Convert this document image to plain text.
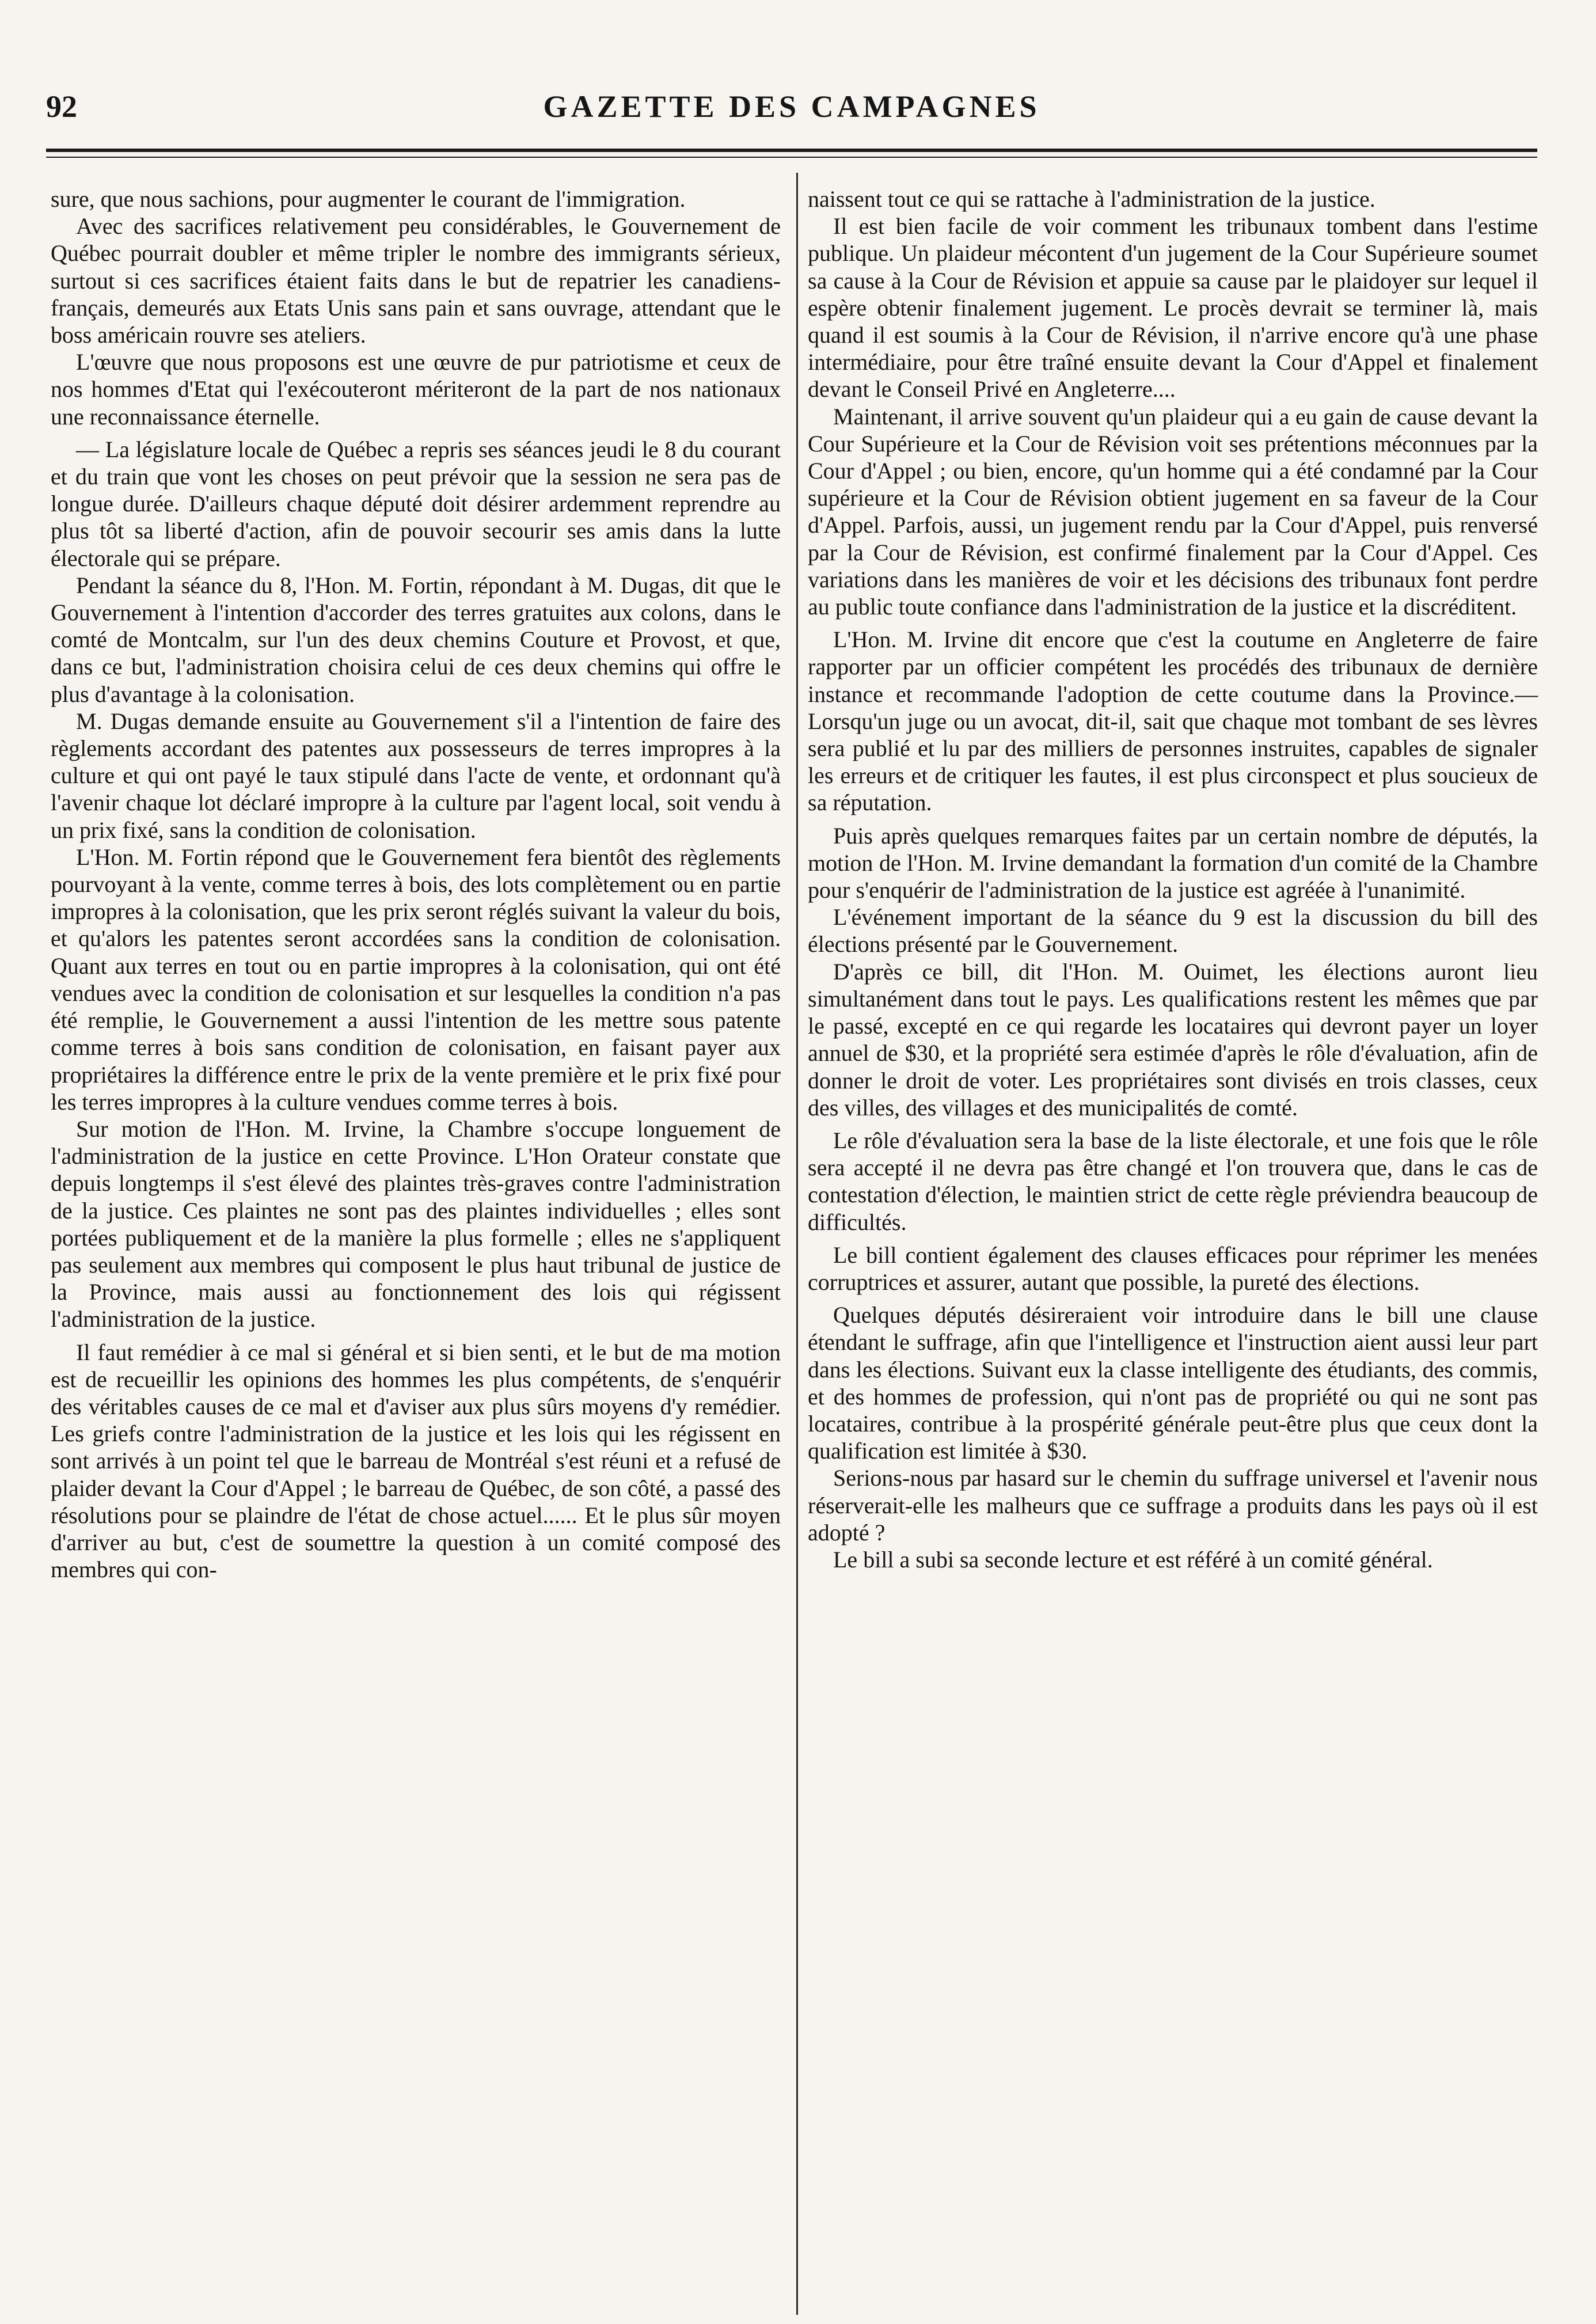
92	GAZETTE DES CAMPAGNES

sure, que nous sachions, pour augmenter le courant de l'immigration.

Avec des sacrifices relativement peu considérables, le Gouvernement de Québec pourrait doubler et même tripler le nombre des immigrants sérieux, surtout si ces sacrifices étaient faits dans le but de repatrier les canadiens-français, demeurés aux Etats Unis sans pain et sans ouvrage, attendant que le boss américain rouvre ses ateliers.

L'œuvre que nous proposons est une œuvre de pur patriotisme et ceux de nos hommes d'Etat qui l'exécouteront mériteront de la part de nos nationaux une reconnaissance éternelle.

— La législature locale de Québec a repris ses séances jeudi le 8 du courant et du train que vont les choses on peut prévoir que la session ne sera pas de longue durée. D'ailleurs chaque député doit désirer ardemment reprendre au plus tôt sa liberté d'action, afin de pouvoir secourir ses amis dans la lutte électorale qui se prépare.

Pendant la séance du 8, l'Hon. M. Fortin, répondant à M. Dugas, dit que le Gouvernement à l'intention d'accorder des terres gratuites aux colons, dans le comté de Montcalm, sur l'un des deux chemins Couture et Provost, et que, dans ce but, l'administration choisira celui de ces deux chemins qui offre le plus d'avantage à la colonisation.

M. Dugas demande ensuite au Gouvernement s'il a l'intention de faire des règlements accordant des patentes aux possesseurs de terres impropres à la culture et qui ont payé le taux stipulé dans l'acte de vente, et ordonnant qu'à l'avenir chaque lot déclaré impropre à la culture par l'agent local, soit vendu à un prix fixé, sans la condition de colonisation.

L'Hon. M. Fortin répond que le Gouvernement fera bientôt des règlements pourvoyant à la vente, comme terres à bois, des lots complètement ou en partie impropres à la colonisation, que les prix seront réglés suivant la valeur du bois, et qu'alors les patentes seront accordées sans la condition de colonisation. Quant aux terres en tout ou en partie impropres à la colonisation, qui ont été vendues avec la condition de colonisation et sur lesquelles la condition n'a pas été remplie, le Gouvernement a aussi l'intention de les mettre sous patente comme terres à bois sans condition de colonisation, en faisant payer aux propriétaires la différence entre le prix de la vente première et le prix fixé pour les terres impropres à la culture vendues comme terres à bois.

Sur motion de l'Hon. M. Irvine, la Chambre s'occupe longuement de l'administration de la justice en cette Province. L'Hon Orateur constate que depuis longtemps il s'est élevé des plaintes très-graves contre l'administration de la justice. Ces plaintes ne sont pas des plaintes individuelles ; elles sont portées publiquement et de la manière la plus formelle ; elles ne s'appliquent pas seulement aux membres qui composent le plus haut tribunal de justice de la Province, mais aussi au fonctionnement des lois qui régissent l'administration de la justice.

Il faut remédier à ce mal si général et si bien senti, et le but de ma motion est de recueillir les opinions des hommes les plus compétents, de s'enquérir des véritables causes de ce mal et d'aviser aux plus sûrs moyens d'y remédier. Les griefs contre l'administration de la justice et les lois qui les régissent en sont arrivés à un point tel que le barreau de Montréal s'est réuni et a refusé de plaider devant la Cour d'Appel ; le barreau de Québec, de son côté, a passé des résolutions pour se plaindre de l'état de chose actuel...... Et le plus sûr moyen d'arriver au but, c'est de soumettre la question à un comité composé des membres qui con-

naissent tout ce qui se rattache à l'administration de la justice.

Il est bien facile de voir comment les tribunaux tombent dans l'estime publique. Un plaideur mécontent d'un jugement de la Cour Supérieure soumet sa cause à la Cour de Révision et appuie sa cause par le plaidoyer sur lequel il espère obtenir finalement jugement. Le procès devrait se terminer là, mais quand il est soumis à la Cour de Révision, il n'arrive encore qu'à une phase intermédiaire, pour être traîné ensuite devant la Cour d'Appel et finalement devant le Conseil Privé en Angleterre....

Maintenant, il arrive souvent qu'un plaideur qui a eu gain de cause devant la Cour Supérieure et la Cour de Révision voit ses prétentions méconnues par la Cour d'Appel ; ou bien, encore, qu'un homme qui a été condamné par la Cour supérieure et la Cour de Révision obtient jugement en sa faveur de la Cour d'Appel. Parfois, aussi, un jugement rendu par la Cour d'Appel, puis renversé par la Cour de Révision, est confirmé finalement par la Cour d'Appel. Ces variations dans les manières de voir et les décisions des tribunaux font perdre au public toute confiance dans l'administration de la justice et la discréditent.

L'Hon. M. Irvine dit encore que c'est la coutume en Angleterre de faire rapporter par un officier compétent les procédés des tribunaux de dernière instance et recommande l'adoption de cette coutume dans la Province.—Lorsqu'un juge ou un avocat, dit-il, sait que chaque mot tombant de ses lèvres sera publié et lu par des milliers de personnes instruites, capables de signaler les erreurs et de critiquer les fautes, il est plus circonspect et plus soucieux de sa réputation.

Puis après quelques remarques faites par un certain nombre de députés, la motion de l'Hon. M. Irvine demandant la formation d'un comité de la Chambre pour s'enquérir de l'administration de la justice est agréée à l'unanimité.

L'événement important de la séance du 9 est la discussion du bill des élections présenté par le Gouvernement.

D'après ce bill, dit l'Hon. M. Ouimet, les élections auront lieu simultanément dans tout le pays. Les qualifications restent les mêmes que par le passé, excepté en ce qui regarde les locataires qui devront payer un loyer annuel de $30, et la propriété sera estimée d'après le rôle d'évaluation, afin de donner le droit de voter. Les propriétaires sont divisés en trois classes, ceux des villes, des villages et des municipalités de comté.

Le rôle d'évaluation sera la base de la liste électorale, et une fois que le rôle sera accepté il ne devra pas être changé et l'on trouvera que, dans le cas de contestation d'élection, le maintien strict de cette règle préviendra beaucoup de difficultés.

Le bill contient également des clauses efficaces pour réprimer les menées corruptrices et assurer, autant que possible, la pureté des élections.

Quelques députés désireraient voir introduire dans le bill une clause étendant le suffrage, afin que l'intelligence et l'instruction aient aussi leur part dans les élections. Suivant eux la classe intelligente des étudiants, des commis, et des hommes de profession, qui n'ont pas de propriété ou qui ne sont pas locataires, contribue à la prospérité générale peut-être plus que ceux dont la qualification est limitée à $30.

Serions-nous par hasard sur le chemin du suffrage universel et l'avenir nous réserverait-elle les malheurs que ce suffrage a produits dans les pays où il est adopté ?

Le bill a subi sa seconde lecture et est référé à un comité général.
